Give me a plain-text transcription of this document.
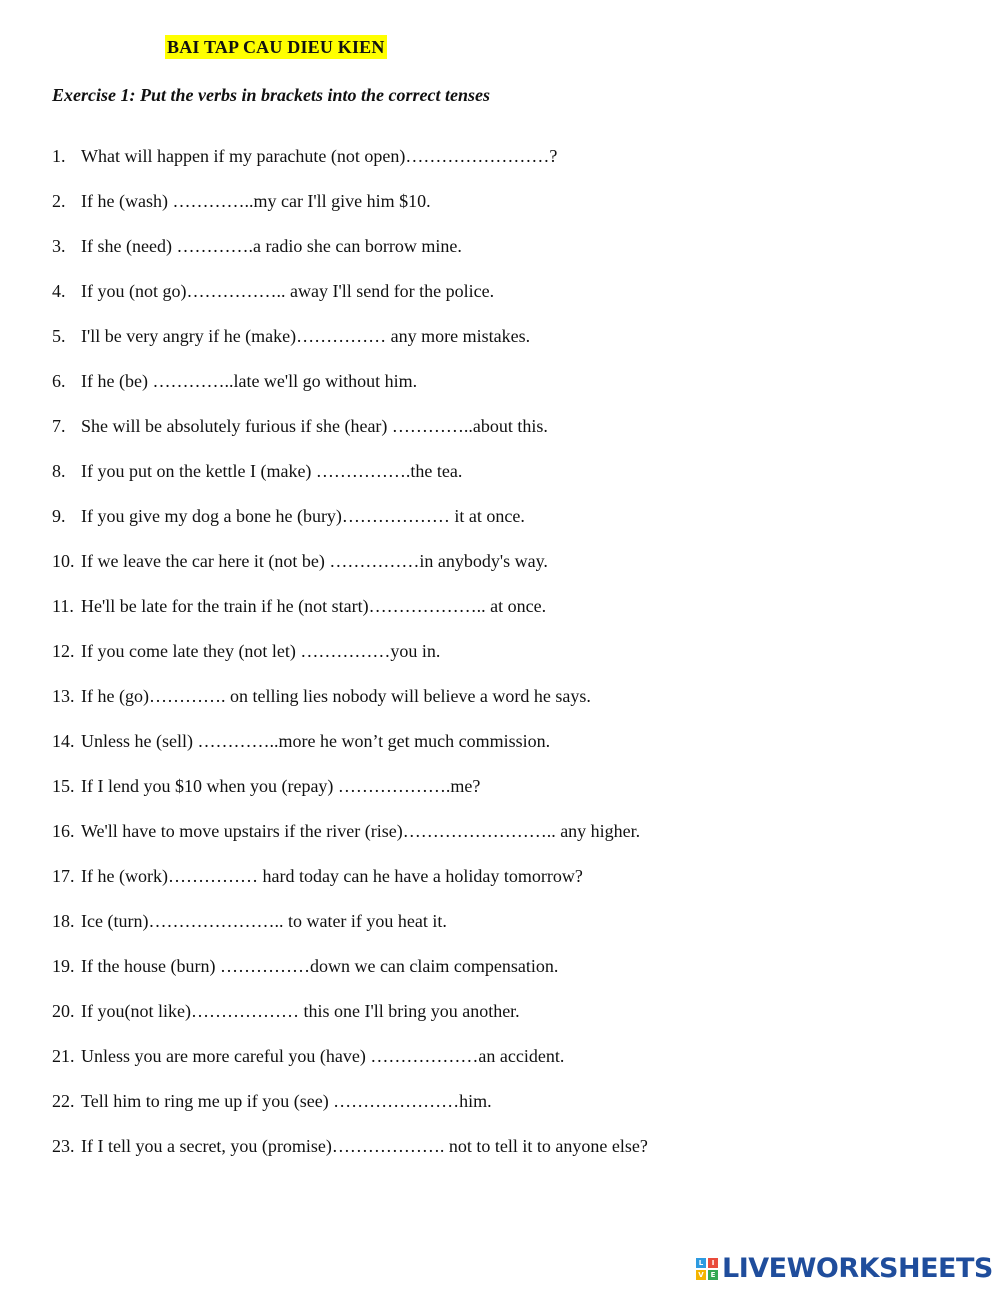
BAI TAP CAU DIEU KIEN
Exercise 1: Put the verbs in brackets into the correct tenses
1. What will happen if my parachute (not open)……………………?
2. If he (wash) …………..my car I'll give him $10.
3. If she (need) ………….a radio she can borrow mine.
4. If you (not go)…………….. away I'll send for the police.
5. I'll be very angry if he (make)…………… any more mistakes.
6. If he (be) …………..late we'll go without him.
7. She will be absolutely furious if she (hear) …………..about this.
8. If you put on the kettle I (make) …………….the tea.
9. If you give my dog a bone he (bury)……………… it at once.
10. If we leave the car here it (not be) ……………in anybody's way.
11. He'll be late for the train if he (not start)……………….. at once.
12. If you come late they (not let) ……………you in.
13. If he (go)…………. on telling lies nobody will believe a word he says.
14. Unless he (sell) …………..more he won’t get much commission.
15. If I lend you $10 when you (repay) ……………….me?
16. We'll have to move upstairs if the river (rise)…………………….. any higher.
17. If he (work)…………… hard today can he have a holiday tomorrow?
18. Ice (turn)………………….. to water if you heat it.
19. If the house (burn) ……………down we can claim compensation.
20. If you(not like)……………… this one I'll bring you another.
21. Unless you are more careful you (have) ………………an accident.
22. Tell him to ring me up if you (see) …………………him.
23. If I tell you a secret, you (promise)………………. not to tell it to anyone else?
L	I
V E LIVEWORKSHEETS
